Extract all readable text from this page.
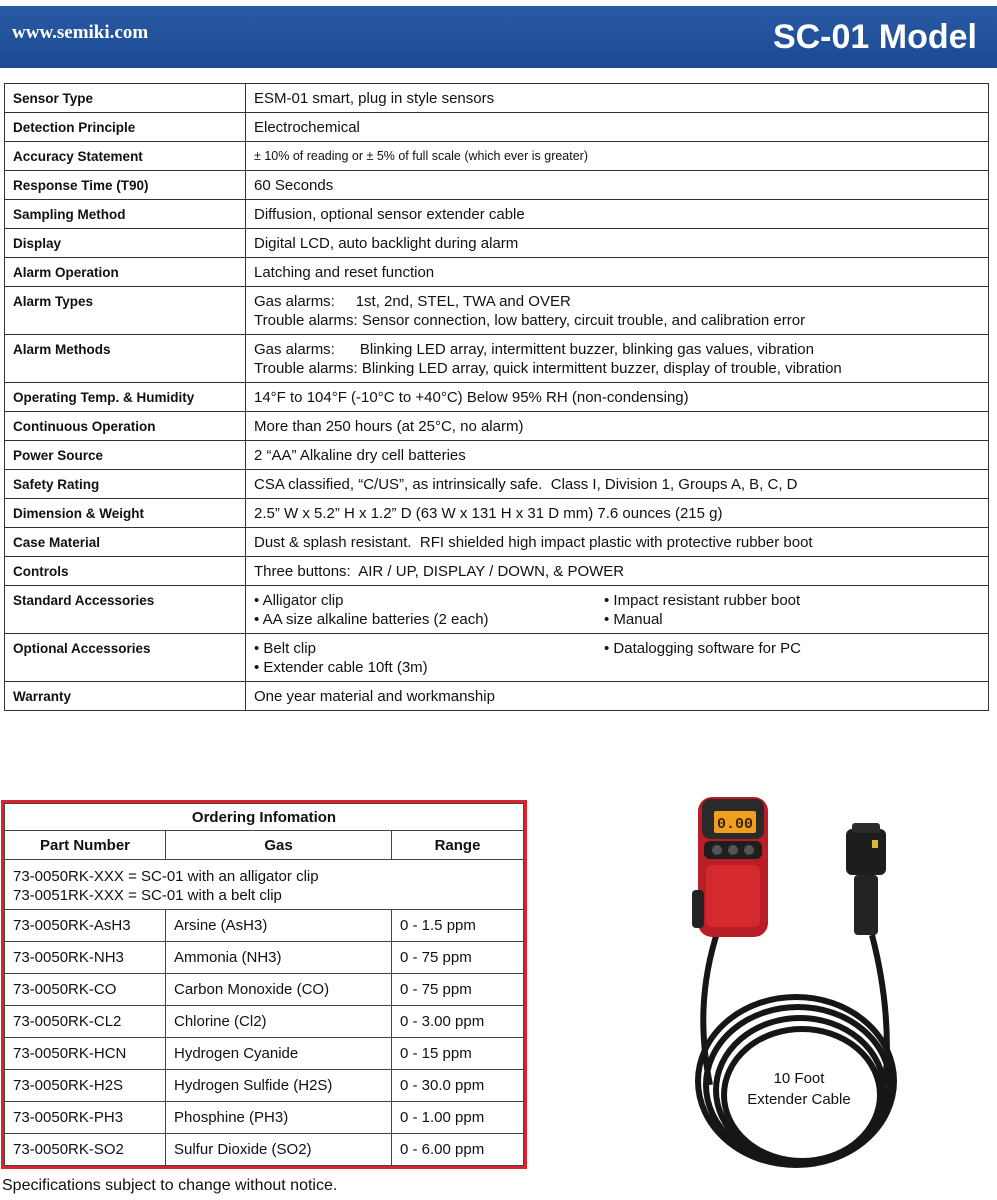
www.semiki.com	SC-01 Model
Sensor Type	ESM-01 smart, plug in style sensors

Detection Principle	Electrochemical

Accuracy Statement	± 10% of reading or ± 5% of full scale (which ever is greater)

Response Time (T90)	60 Seconds

Sampling Method	Diffusion, optional sensor extender cable

Display	Digital LCD, auto backlight during alarm

Alarm Operation	Latching and reset function

Alarm Types	Gas alarms:     1st, 2nd, STEL, TWA and OVER
Trouble alarms: Sensor connection, low battery, circuit trouble, and calibration error

Alarm Methods	Gas alarms:      Blinking LED array, intermittent buzzer, blinking gas values, vibration
Trouble alarms: Blinking LED array, quick intermittent buzzer, display of trouble, vibration

Operating Temp. & Humidity	14°F to 104°F (-10°C to +40°C) Below 95% RH (non-condensing)

Continuous Operation	More than 250 hours (at 25°C, no alarm)

Power Source	2 “AA” Alkaline dry cell batteries

Safety Rating	CSA classified, “C/US”, as intrinsically safe.  Class I, Division 1, Groups A, B, C, D

Dimension & Weight	2.5” W x 5.2” H x 1.2” D (63 W x 131 H x 31 D mm) 7.6 ounces (215 g)

Case Material	Dust & splash resistant.  RFI shielded high impact plastic with protective rubber boot

Controls	Three buttons:  AIR / UP, DISPLAY / DOWN, & POWER

Standard Accessories	• Alligator clip
• AA size alkaline batteries (2 each)
• Impact resistant rubber boot
• Manual

Optional Accessories	• Belt clip
• Extender cable 10ft (3m)
• Datalogging software for PC

Warranty	One year material and workmanship
Ordering Infomation		
Part Number	Gas	Range

73-0050RK-XXX = SC-01 with an alligator clip
73-0051RK-XXX = SC-01 with a belt clip		

73-0050RK-AsH3	Arsine (AsH3)	0 - 1.5 ppm
73-0050RK-NH3	Ammonia (NH3)	0 - 75 ppm
73-0050RK-CO	Carbon Monoxide (CO)	0 - 75 ppm
73-0050RK-CL2	Chlorine (Cl2)	0 - 3.00 ppm
73-0050RK-HCN	Hydrogen Cyanide	0 - 15 ppm
73-0050RK-H2S	Hydrogen Sulfide (H2S)	0 - 30.0 ppm
73-0050RK-PH3	Phosphine (PH3)	0 - 1.00 ppm
73-0050RK-SO2	Sulfur Dioxide (SO2)	0 - 6.00 ppm
0.00
10 Foot
Extender Cable
Specifications subject to change without notice.
